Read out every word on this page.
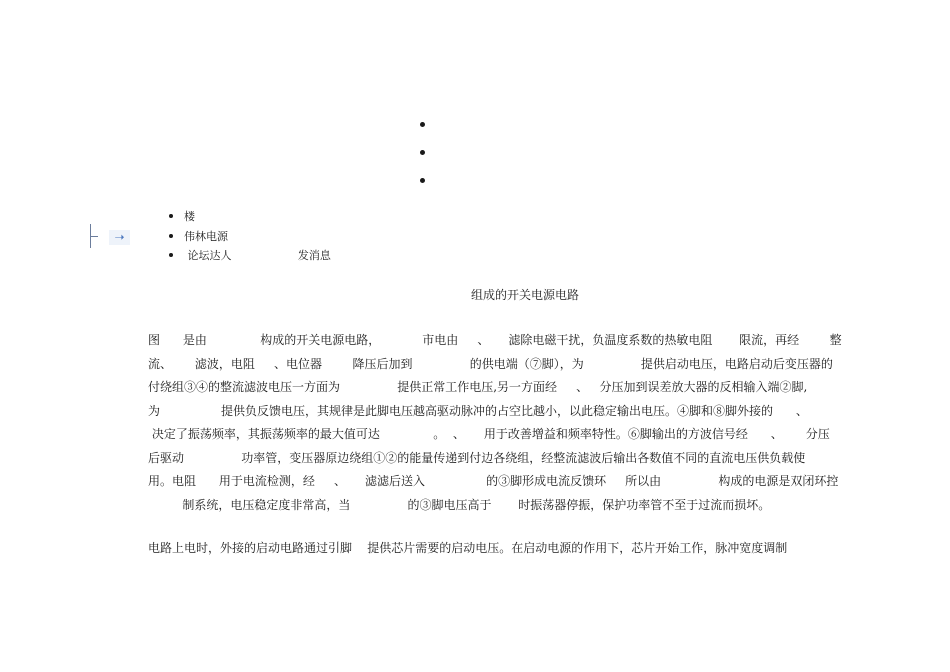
➝
楼
伟林电源
论坛达人                   发消息
组成的开关电源电路
图      是由              构成的开关电源电路，           市电由     、     滤除电磁干扰，负温度系数的热敏电阻       限流，再经        整
流、      滤波，电阻     、电位器        降压后加到               的供电端（⑦脚），为               提供启动电压，电路启动后变压器的
付绕组③④的整流滤波电压一方面为               提供正常工作电压,另一方面经     、   分压加到误差放大器的反相输入端②脚,
为                提供负反馈电压，其规律是此脚电压越高驱动脉冲的占空比越小，以此稳定输出电压。④脚和⑧脚外接的      、
决定了振荡频率，其振荡频率的最大值可达              。  、     用于改善增益和频率特性。⑥脚输出的方波信号经      、      分压
后驱动               功率管，变压器原边绕组①②的能量传递到付边各绕组，经整流滤波后输出各数值不同的直流电压供负载使
用。电阻      用于电流检测，经     、     滤滤后送入                的③脚形成电流反馈环     所以由               构成的电源是双闭环控
制系统，电压稳定度非常高，当               的③脚电压高于       时振荡器停振，保护功率管不至于过流而损坏。
电路上电时，外接的启动电路通过引脚    提供芯片需要的启动电压。在启动电源的作用下，芯片开始工作，脉冲宽度调制
